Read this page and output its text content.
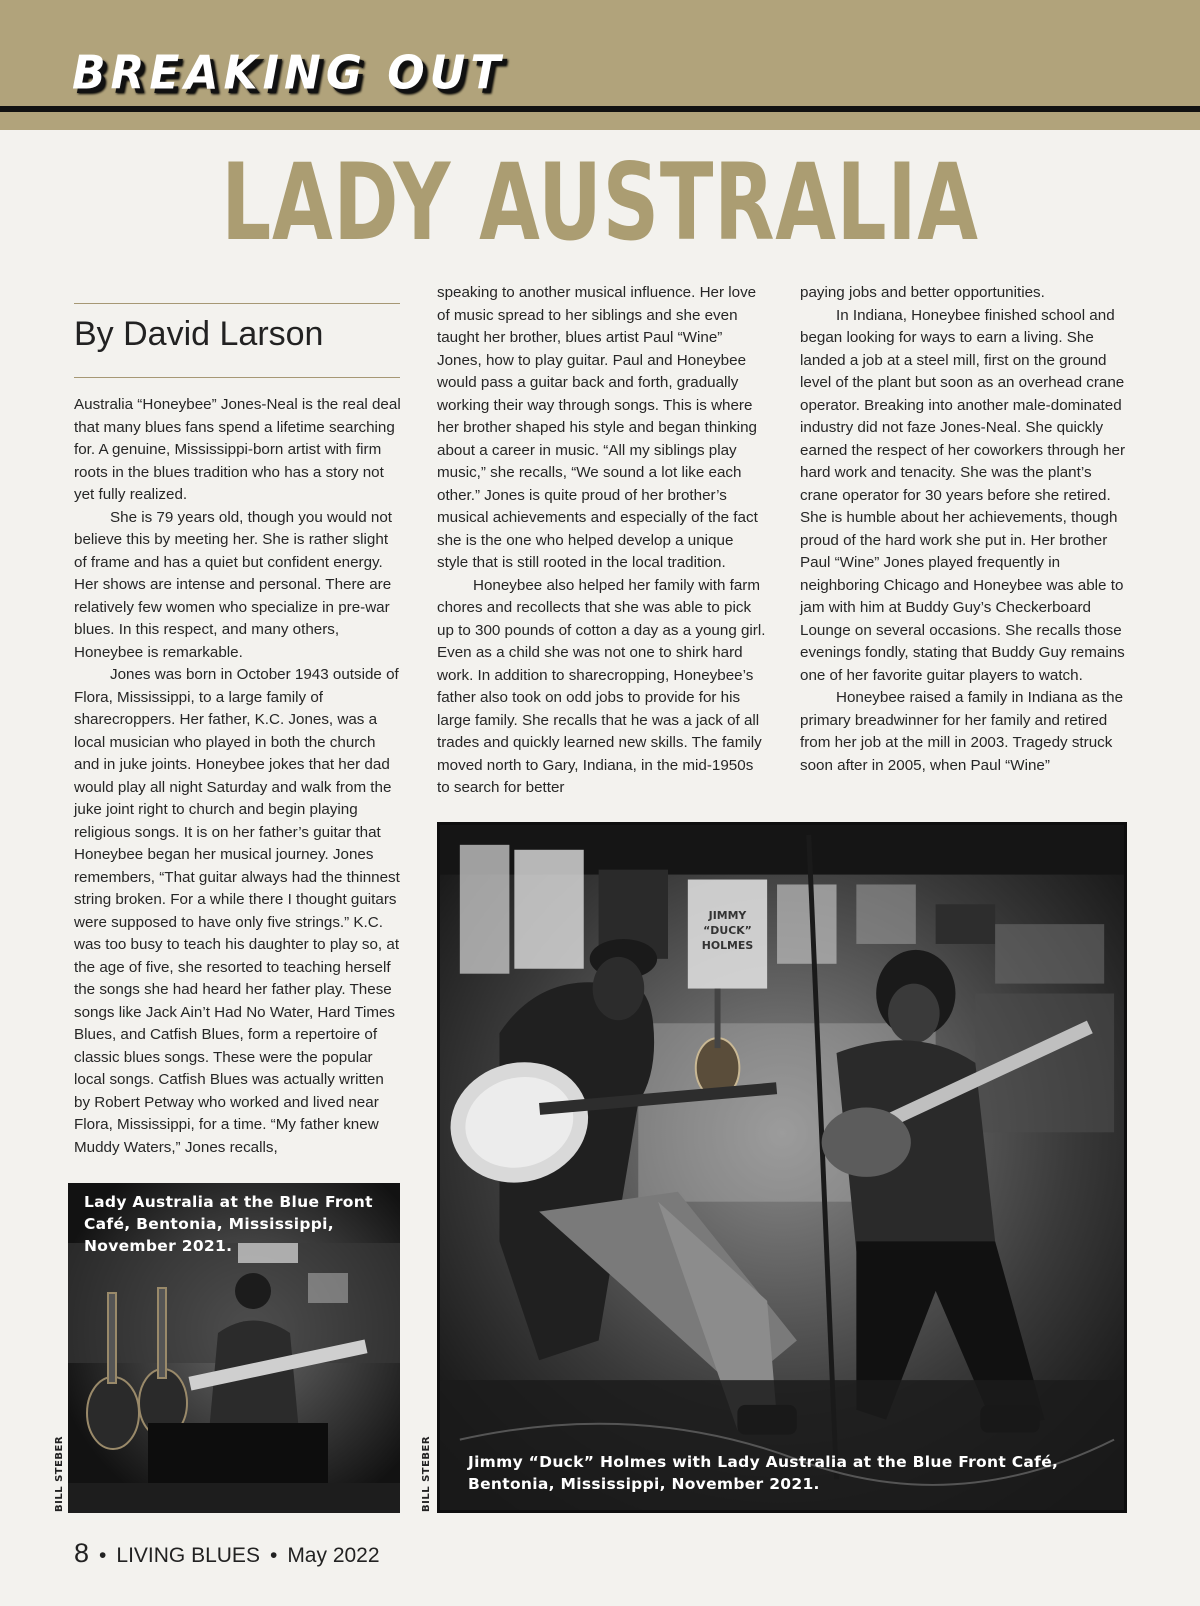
BREAKING OUT
LADY AUSTRALIA

By David Larson

Australia “Honeybee” Jones-Neal is the real deal that many blues fans spend a lifetime searching for. A genuine, Mississippi-born artist with firm roots in the blues tradition who has a story not yet fully realized.

She is 79 years old, though you would not believe this by meeting her. She is rather slight of frame and has a quiet but confident energy. Her shows are intense and personal. There are relatively few women who specialize in pre-war blues. In this respect, and many others, Honeybee is remarkable.

Jones was born in October 1943 outside of Flora, Mississippi, to a large family of sharecroppers. Her father, K.C. Jones, was a local musician who played in both the church and in juke joints. Honeybee jokes that her dad would play all night Saturday and walk from the juke joint right to church and begin playing religious songs. It is on her father’s guitar that Honeybee began her musical journey. Jones remembers, “That guitar always had the thinnest string broken. For a while there I thought guitars were supposed to have only five strings.” K.C. was too busy to teach his daughter to play so, at the age of five, she resorted to teaching herself the songs she had heard her father play. These songs like Jack Ain’t Had No Water, Hard Times Blues, and Catfish Blues, form a repertoire of classic blues songs. These were the popular local songs. Catfish Blues was actually written by Robert Petway who worked and lived near Flora, Mississippi, for a time. “My father knew Muddy Waters,” Jones recalls,

speaking to another musical influence. Her love of music spread to her siblings and she even taught her brother, blues artist Paul “Wine” Jones, how to play guitar. Paul and Honeybee would pass a guitar back and forth, gradually working their way through songs. This is where her brother shaped his style and began thinking about a career in music. “All my siblings play music,” she recalls, “We sound a lot like each other.” Jones is quite proud of her brother’s musical achievements and especially of the fact she is the one who helped develop a unique style that is still rooted in the local tradition.

Honeybee also helped her family with farm chores and recollects that she was able to pick up to 300 pounds of cotton a day as a young girl. Even as a child she was not one to shirk hard work. In addition to sharecropping, Honeybee’s father also took on odd jobs to provide for his large family. She recalls that he was a jack of all trades and quickly learned new skills. The family moved north to Gary, Indiana, in the mid-1950s to search for better

paying jobs and better opportunities.

In Indiana, Honeybee finished school and began looking for ways to earn a living. She landed a job at a steel mill, first on the ground level of the plant but soon as an overhead crane operator. Breaking into another male-dominated industry did not faze Jones-Neal. She quickly earned the respect of her coworkers through her hard work and tenacity. She was the plant’s crane operator for 30 years before she retired. She is humble about her achievements, though proud of the hard work she put in. Her brother Paul “Wine” Jones played frequently in neighboring Chicago and Honeybee was able to jam with him at Buddy Guy’s Checkerboard Lounge on several occasions. She recalls those evenings fondly, stating that Buddy Guy remains one of her favorite guitar players to watch.

Honeybee raised a family in Indiana as the primary breadwinner for her family and retired from her job at the mill in 2003. Tragedy struck soon after in 2005, when Paul “Wine”

Lady Australia at the Blue Front Café, Bentonia, Mississippi, November 2021.
BILL STEBER
JIMMY
“DUCK”
HOLMES
Jimmy “Duck” Holmes with Lady Australia at the Blue Front Café, Bentonia, Mississippi, November 2021.
BILL STEBER

8 • LIVING BLUES • May 2022
